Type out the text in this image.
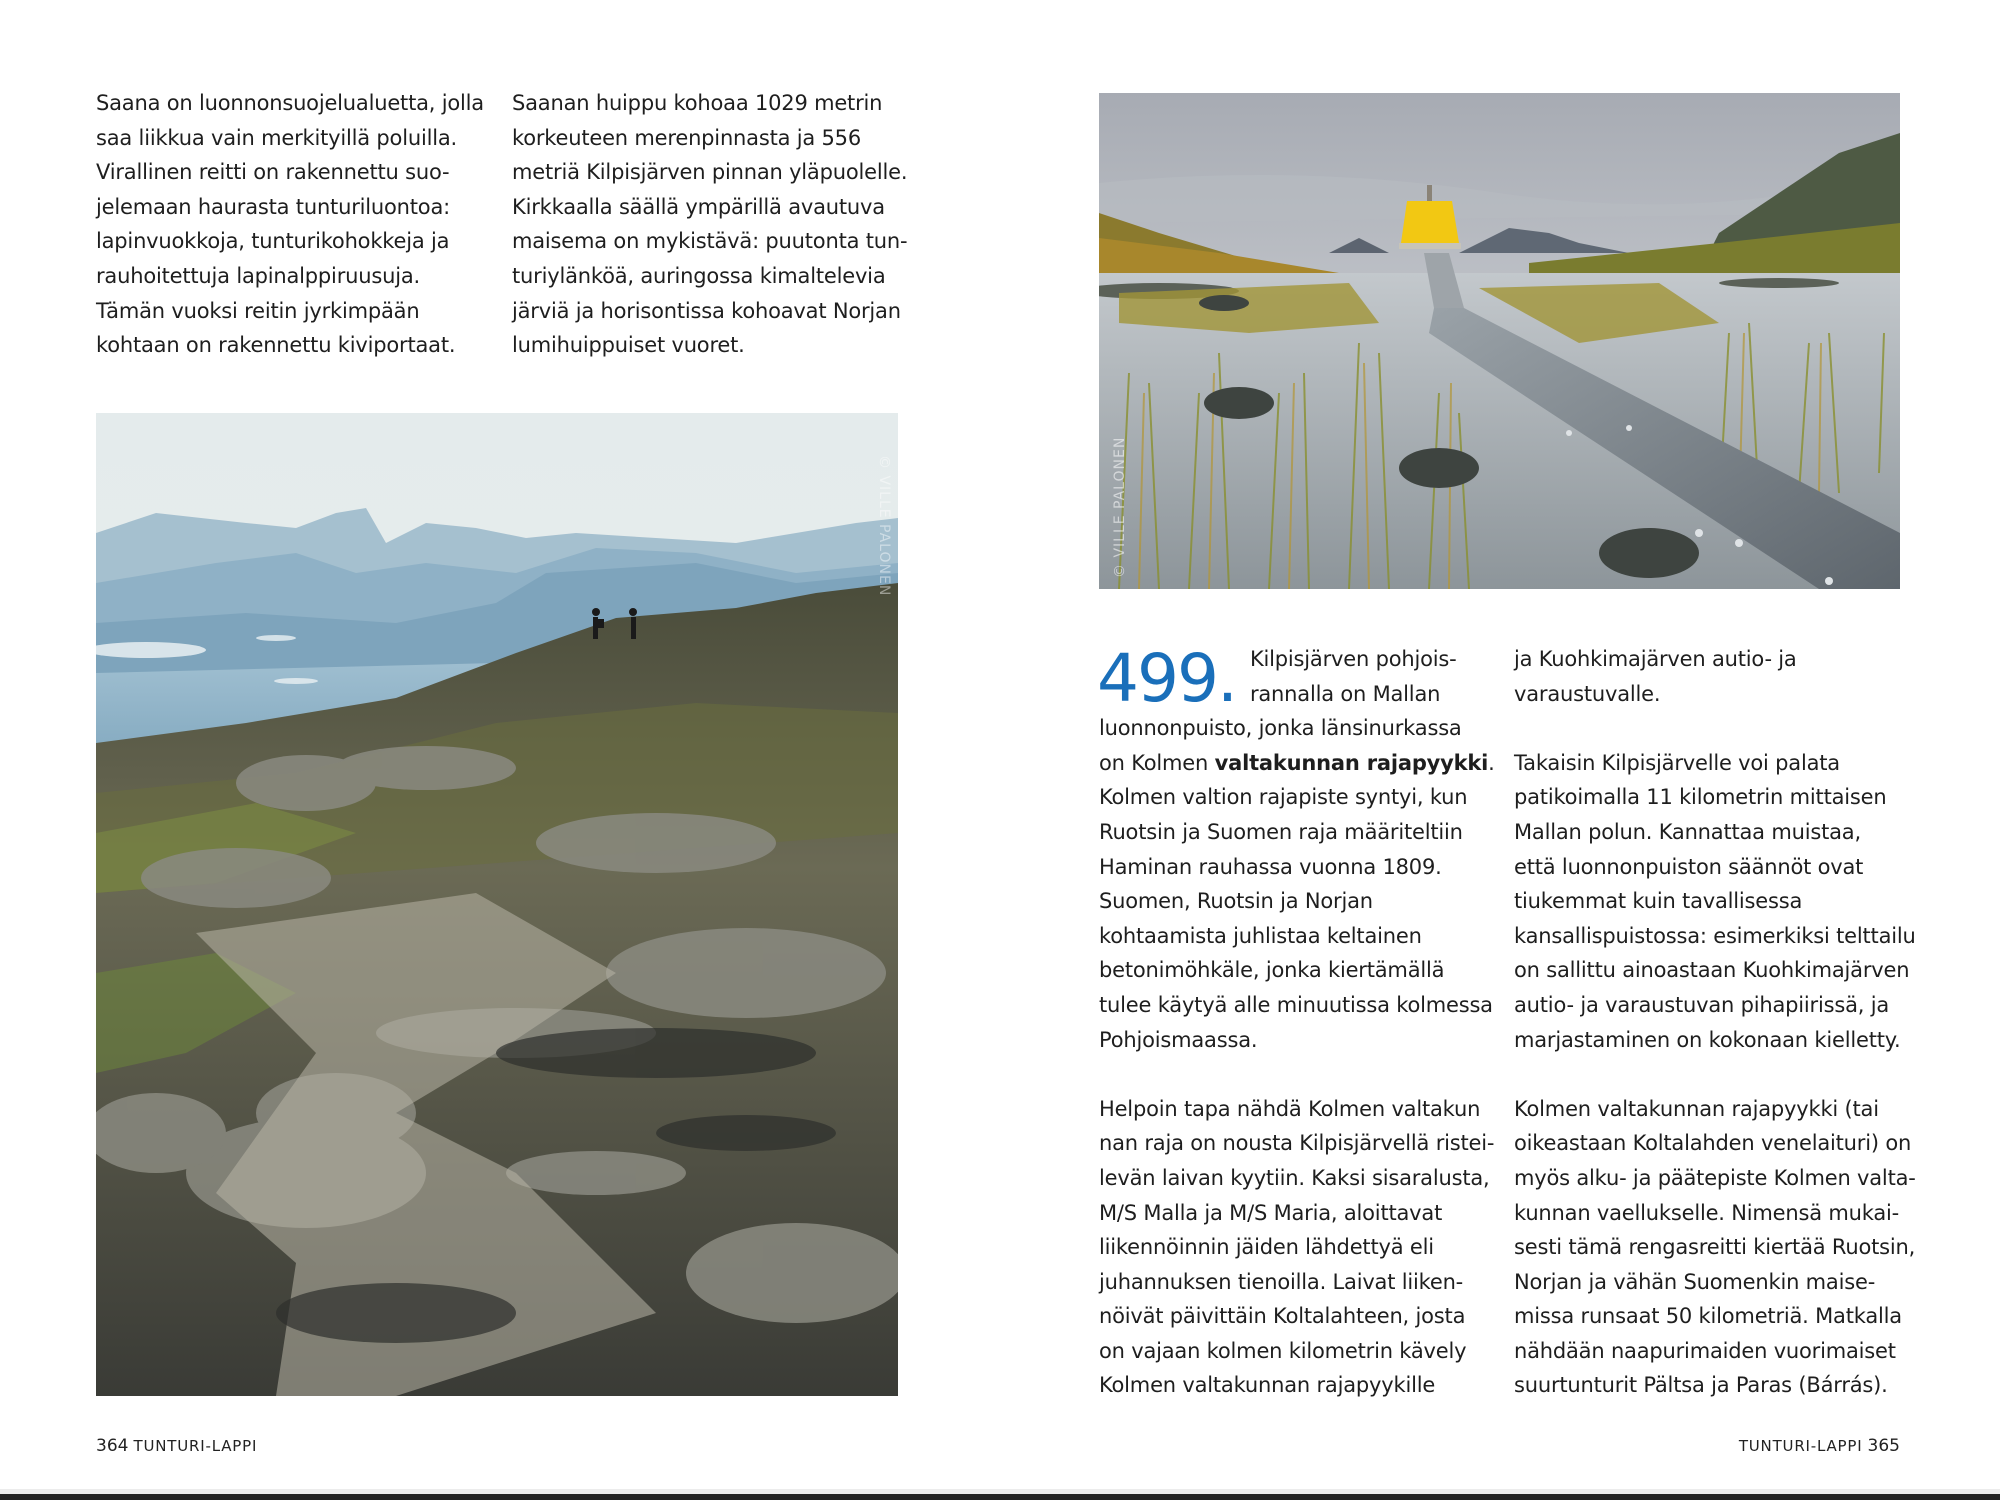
Saana on luonnonsuojelualuetta, jolla

saa liikkua vain merkityillä poluilla.

Virallinen reitti on rakennettu suo-

jelemaan haurasta tunturiluontoa:

lapinvuokkoja, tunturikohokkeja ja

rauhoitettuja lapinalppiruusuja.

Tämän vuoksi reitin jyrkimpään

kohtaan on rakennettu kiviportaat.

Saanan huippu kohoaa 1029 metrin

korkeuteen merenpinnasta ja 556

metriä Kilpisjärven pinnan yläpuolelle.

Kirkkaalla säällä ympärillä avautuva

maisema on mykistävä: puutonta tun-

turiylänköä, auringossa kimaltelevia

järviä ja horisontissa kohoavat Norjan

lumihuippuiset vuoret.

© VILLE PALONEN	© VILLE PALONEN
499. Kilpisjärven pohjois-

rannalla on Mallan

luonnonpuisto, jonka länsinurkassa

on Kolmen valtakunnan rajapyykki.

Kolmen valtion rajapiste syntyi, kun

Ruotsin ja Suomen raja määriteltiin

Haminan rauhassa vuonna 1809.

Suomen, Ruotsin ja Norjan

kohtaamista juhlistaa keltainen

betonimöhkäle, jonka kiertämällä

tulee käytyä alle minuutissa kolmessa

Pohjoismaassa.

Helpoin tapa nähdä Kolmen valtakun

nan raja on nousta Kilpisjärvellä ristei-

levän laivan kyytiin. Kaksi sisaralusta,

M/S Malla ja M/S Maria, aloittavat

liikennöinnin jäiden lähdettyä eli

juhannuksen tienoilla. Laivat liiken-

nöivät päivittäin Koltalahteen, josta

on vajaan kolmen kilometrin kävely

Kolmen valtakunnan rajapyykille

ja Kuohkimajärven autio- ja

varaustuvalle.

Takaisin Kilpisjärvelle voi palata

patikoimalla 11 kilometrin mittaisen

Mallan polun. Kannattaa muistaa,

että luonnonpuiston säännöt ovat

tiukemmat kuin tavallisessa

kansallispuistossa: esimerkiksi telttailu

on sallittu ainoastaan Kuohkimajärven

autio- ja varaustuvan pihapiirissä, ja

marjastaminen on kokonaan kielletty.

Kolmen valtakunnan rajapyykki (tai

oikeastaan Koltalahden venelaituri) on

myös alku- ja päätepiste Kolmen valta-

kunnan vaellukselle. Nimensä mukai-

sesti tämä rengasreitti kiertää Ruotsin,

Norjan ja vähän Suomenkin maise-

missa runsaat 50 kilometriä. Matkalla

nähdään naapurimaiden vuorimaiset

suurtunturit Pältsa ja Paras (Bárrás).

364 TUNTURI-LAPPI	TUNTURI-LAPPI 365
